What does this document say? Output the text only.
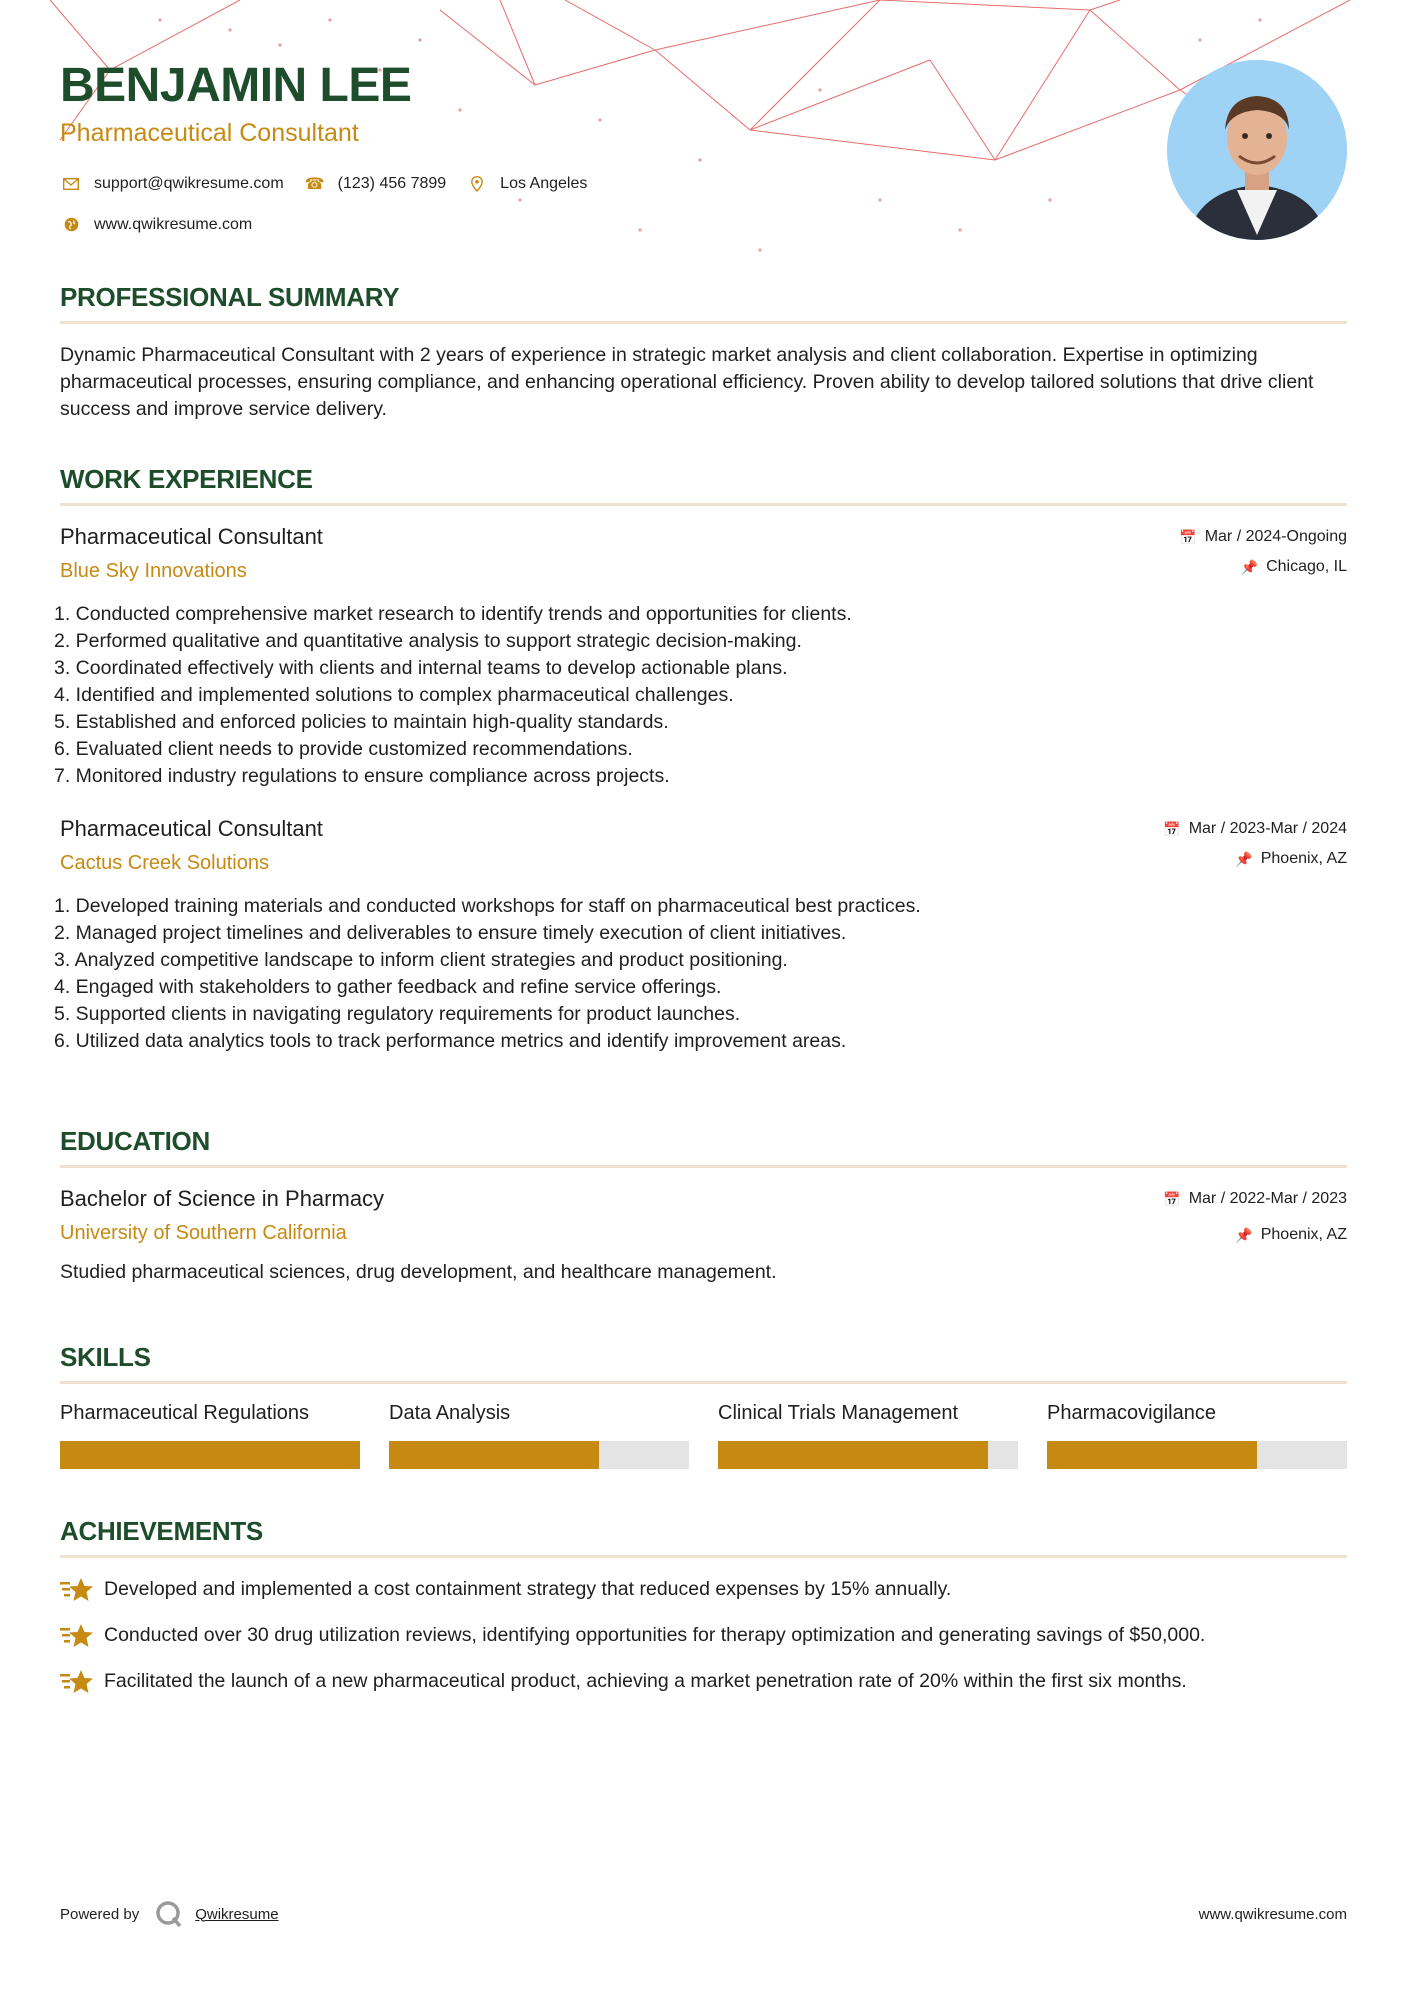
BENJAMIN LEE
Pharmaceutical Consultant
support@qwikresume.com ☎ (123) 456 7899	Los Angeles
www.qwikresume.com
PROFESSIONAL SUMMARY
Dynamic Pharmaceutical Consultant with 2 years of experience in strategic market analysis and client collaboration. Expertise in optimizing pharmaceutical processes, ensuring compliance, and enhancing operational efficiency. Proven ability to develop tailored solutions that drive client success and improve service delivery.
WORK EXPERIENCE
Pharmaceutical Consultant
Blue Sky Innovations
📅 Mar / 2024-Ongoing
📌 Chicago, IL
1. Conducted comprehensive market research to identify trends and opportunities for clients.
2. Performed qualitative and quantitative analysis to support strategic decision-making.
3. Coordinated effectively with clients and internal teams to develop actionable plans.
4. Identified and implemented solutions to complex pharmaceutical challenges.
5. Established and enforced policies to maintain high-quality standards.
6. Evaluated client needs to provide customized recommendations.
7. Monitored industry regulations to ensure compliance across projects.
Pharmaceutical Consultant
Cactus Creek Solutions
📅 Mar / 2023-Mar / 2024
📌 Phoenix, AZ
1. Developed training materials and conducted workshops for staff on pharmaceutical best practices.
2. Managed project timelines and deliverables to ensure timely execution of client initiatives.
3. Analyzed competitive landscape to inform client strategies and product positioning.
4. Engaged with stakeholders to gather feedback and refine service offerings.
5. Supported clients in navigating regulatory requirements for product launches.
6. Utilized data analytics tools to track performance metrics and identify improvement areas.
EDUCATION
Bachelor of Science in Pharmacy
University of Southern California
📅 Mar / 2022-Mar / 2023
📌 Phoenix, AZ
Studied pharmaceutical sciences, drug development, and healthcare management.
SKILLS
Pharmaceutical Regulations	Data Analysis	Clinical Trials Management	Pharmacovigilance
ACHIEVEMENTS
Developed and implemented a cost containment strategy that reduced expenses by 15% annually.
Conducted over 30 drug utilization reviews, identifying opportunities for therapy optimization and generating savings of $50,000.
Facilitated the launch of a new pharmaceutical product, achieving a market penetration rate of 20% within the first six months.
Powered by	Qwikresume	www.qwikresume.com
